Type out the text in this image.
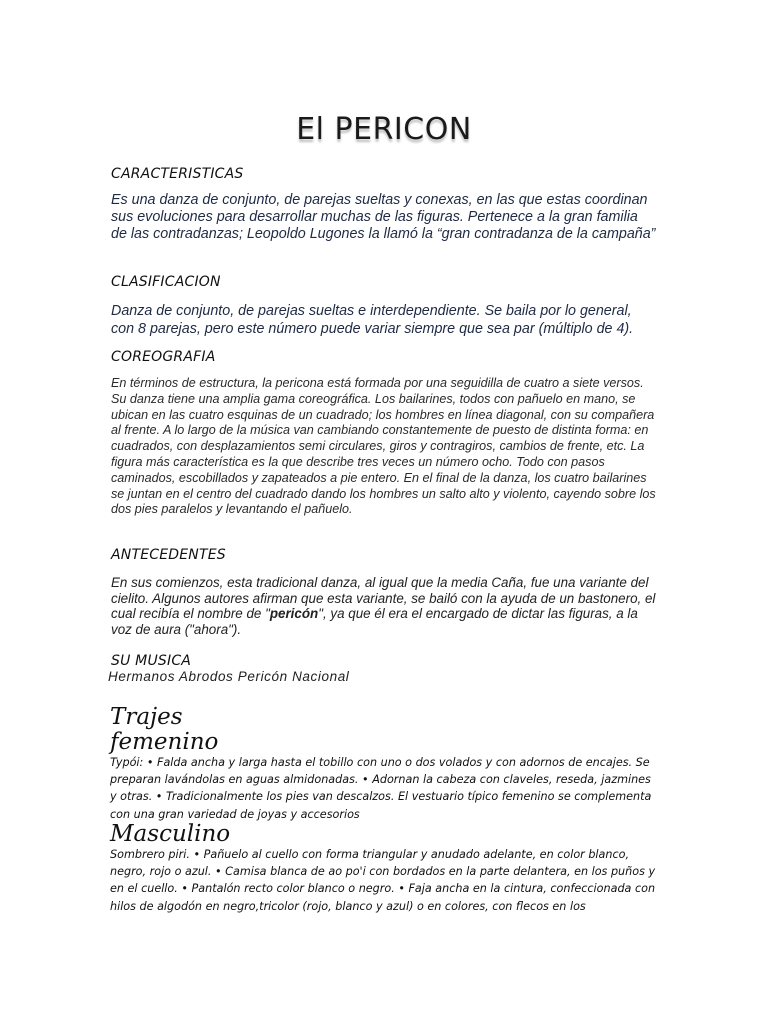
El PERICON
CARACTERISTICAS

Es una danza de conjunto, de parejas sueltas y conexas, en las que estas coordinan sus evoluciones para desarrollar muchas de las figuras. Pertenece a la gran familia de las contradanzas; Leopoldo Lugones la llamó la “gran contradanza de la campaña”

CLASIFICACION

Danza de conjunto, de parejas sueltas e interdependiente. Se baila por lo general, con 8 parejas, pero este número puede variar siempre que sea par (múltiplo de 4).

COREOGRAFIA

En términos de estructura, la pericona está formada por una seguidilla de cuatro a siete versos. Su danza tiene una amplia gama coreográfica. Los bailarines, todos con pañuelo en mano, se ubican en las cuatro esquinas de un cuadrado; los hombres en línea diagonal, con su compañera al frente. A lo largo de la música van cambiando constantemente de puesto de distinta forma: en cuadrados, con desplazamientos semi circulares, giros y contragiros, cambios de frente, etc. La figura más característica es la que describe tres veces un número ocho. Todo con pasos caminados, escobillados y zapateados a pie entero. En el final de la danza, los cuatro bailarines se juntan en el centro del cuadrado dando los hombres un salto alto y violento, cayendo sobre los dos pies paralelos y levantando el pañuelo.

ANTECEDENTES

En sus comienzos, esta tradicional danza, al igual que la media Caña, fue una variante del cielito. Algunos autores afirman que esta variante, se bailó con la ayuda de un bastonero, el cual recibía el nombre de "pericón", ya que él era el encargado de dictar las figuras, a la voz de aura ("ahora").

SU MUSICA
Hermanos Abrodos Pericón Nacional
Trajes
femenino

Typói: • Falda ancha y larga hasta el tobillo con uno o dos volados y con adornos de encajes. Se preparan lavándolas en aguas almidonadas. • Adornan la cabeza con claveles, reseda, jazmines y otras. • Tradicionalmente los pies van descalzos. El vestuario típico femenino se complementa con una gran variedad de joyas y accesorios

Masculino

Sombrero piri. • Pañuelo al cuello con forma triangular y anudado adelante, en color blanco, negro, rojo o azul. • Camisa blanca de ao po'i con bordados en la parte delantera, en los puños y en el cuello. • Pantalón recto color blanco o negro. • Faja ancha en la cintura, confeccionada con hilos de algodón en negro,tricolor (rojo, blanco y azul) o en colores, con flecos en los
